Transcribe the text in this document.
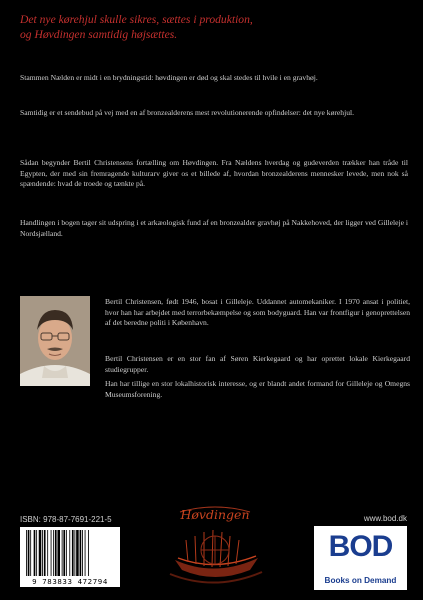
Det nye kørehjul skulle sikres, sættes i produktion,
og Høvdingen samtidig højsættes.
Stammen Nælden er midt i en brydningstid: høvdingen er død og skal stedes til hvile i en gravhøj.
Samtidig er et sendebud på vej med en af bronzealderens mest revolutionerende opfindelser: det nye kørehjul.
Sådan begynder Bertil Christensens fortælling om Høvdingen. Fra Nældens hverdag og gudeverden trækker han tråde til Egypten, der med sin fremragende kulturarv giver os et billede af, hvordan bronzealderens mennesker levede, men nok så spændende: hvad de troede og tænkte på.
Handlingen i bogen tager sit udspring i et arkæologisk fund af en bronzealder gravhøj på Nakkehoved, der ligger ved Gilleleje i Nordsjælland.
Bertil Christensen, født 1946, bosat i Gilleleje. Uddannet automekaniker. I 1970 ansat i politiet, hvor han har arbejdet med terrorbekæmpelse og som bodyguard. Han var frontfigur i genoprettelsen af det beredne politi i København.
Bertil Christensen er en stor fan af Søren Kierkegaard og har oprettet lokale Kierkegaard studiegrupper.
Han har tillige en stor lokalhistorisk interesse, og er blandt andet formand for Gilleleje og Omegns Museumsforening.
ISBN: 978-87-7691-221-5
9 783833 472794
Høvdingen	www.bod.dk
BOD
Books on Demand
